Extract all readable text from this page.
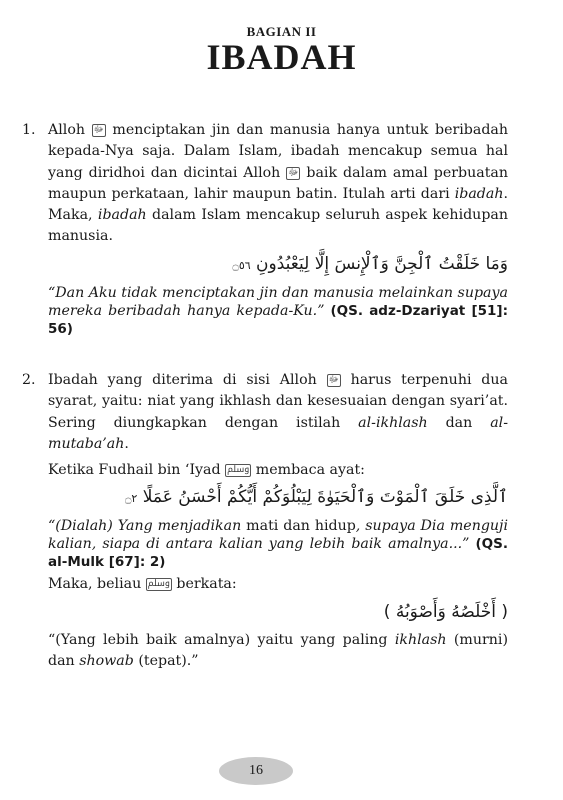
BAGIAN II
IBADAH
1. Alloh ﷻ menciptakan jin dan manusia hanya untuk beribadah kepada-Nya saja. Dalam Islam, ibadah mencakup semua hal yang diridhoi dan dicintai Alloh ﷻ baik dalam amal perbuatan maupun perkataan, lahir maupun batin. Itulah arti dari ibadah. Maka, ibadah dalam Islam mencakup seluruh aspek kehidupan manusia.

وَمَا خَلَقْتُ ٱلْجِنَّ وَٱلْإِنسَ إِلَّا لِيَعْبُدُونِ ۝٥٦

“Dan Aku tidak menciptakan jin dan manusia melainkan supaya mereka beribadah hanya kepada-Ku.” (QS. adz-Dzariyat [51]: 56)

2. Ibadah yang diterima di sisi Alloh ﷻ harus terpenuhi dua syarat, yaitu: niat yang ikhlash dan kesesuaian dengan syari’at. Sering diungkapkan dengan istilah al-ikhlash dan al-mutaba’ah.

Ketika Fudhail bin ‘Iyad ﷸ membaca ayat:

ٱلَّذِى خَلَقَ ٱلْمَوْتَ وَٱلْحَيَوٰةَ لِيَبْلُوَكُمْ أَيُّكُمْ أَحْسَنُ عَمَلًا ۝٢

“(Dialah) Yang menjadikan mati dan hidup, supaya Dia menguji kalian, siapa di antara kalian yang lebih baik amalnya...” (QS. al-Mulk [67]: 2)

Maka, beliau ﷸ berkata:

( أَخْلَصُهُ وَأَصْوَبُهُ )

“(Yang lebih baik amalnya) yaitu yang paling ikhlash (murni) dan showab (tepat).”

16
